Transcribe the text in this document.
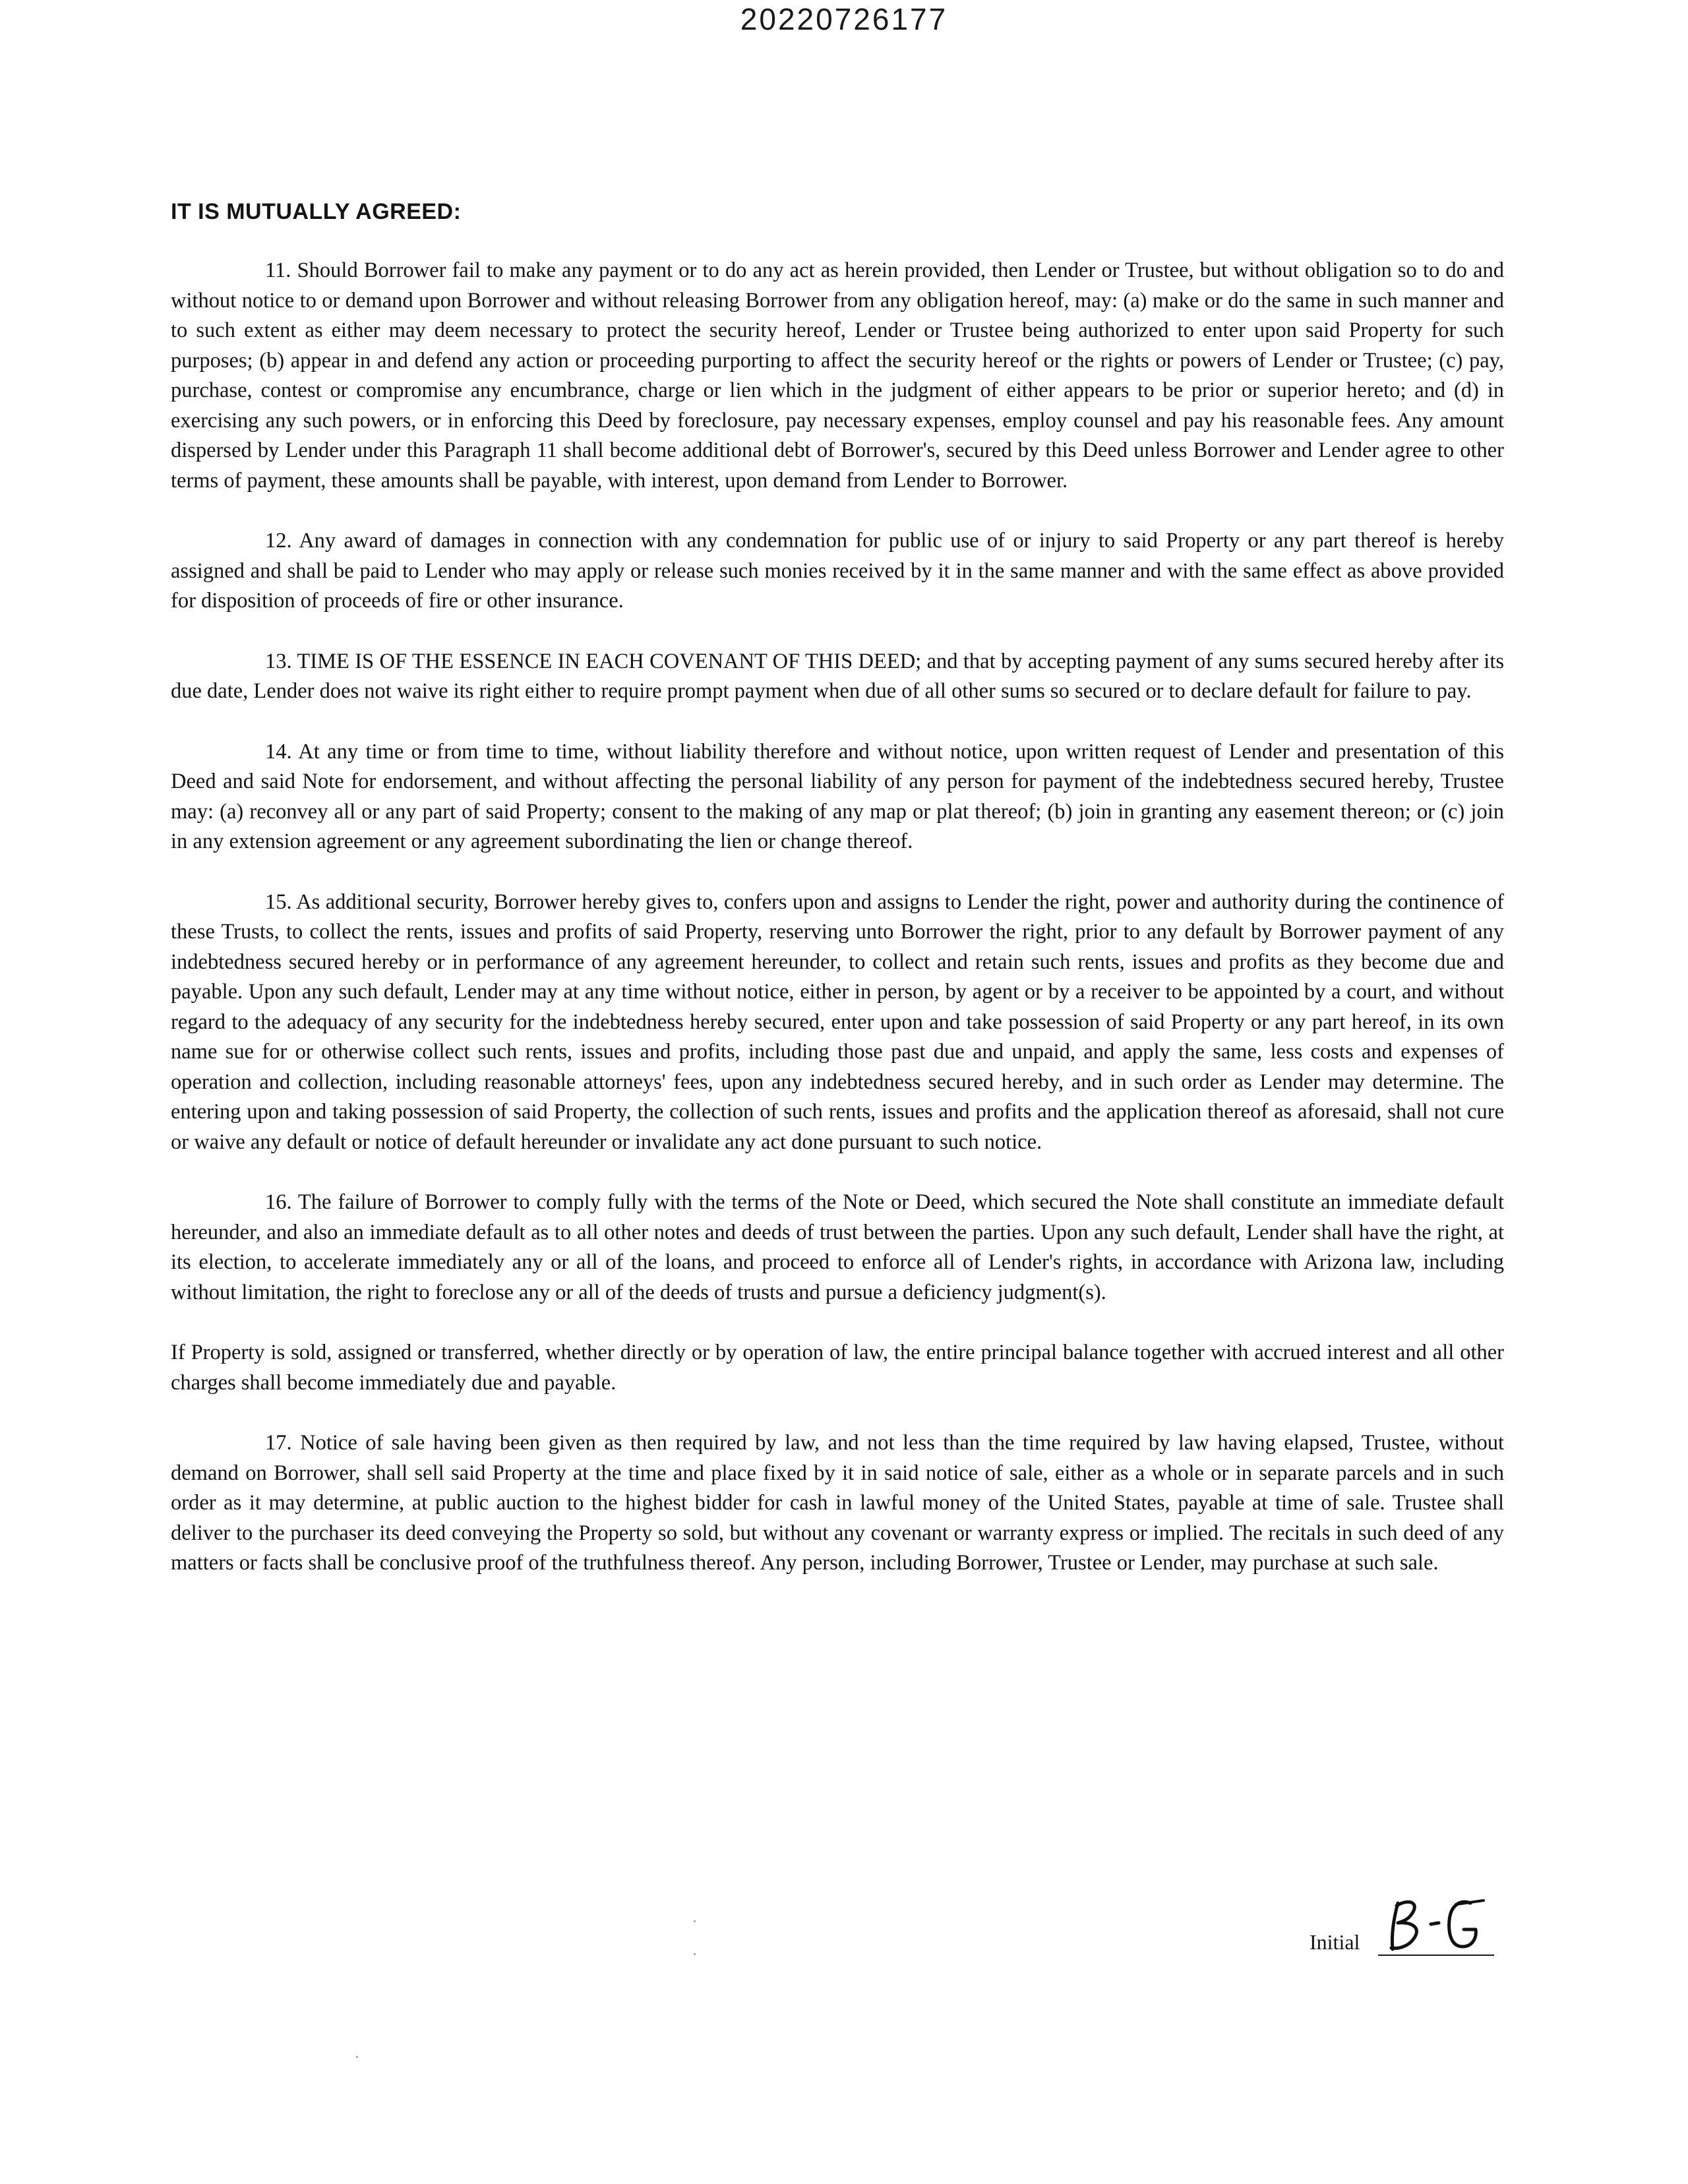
20220726177
IT IS MUTUALLY AGREED:

11. Should Borrower fail to make any payment or to do any act as herein provided, then Lender or Trustee, but without obligation so to do and without notice to or demand upon Borrower and without releasing Borrower from any obligation hereof, may: (a) make or do the same in such manner and to such extent as either may deem necessary to protect the security hereof, Lender or Trustee being authorized to enter upon said Property for such purposes; (b) appear in and defend any action or proceeding purporting to affect the security hereof or the rights or powers of Lender or Trustee; (c) pay, purchase, contest or compromise any encumbrance, charge or lien which in the judgment of either appears to be prior or superior hereto; and (d) in exercising any such powers, or in enforcing this Deed by foreclosure, pay necessary expenses, employ counsel and pay his reasonable fees. Any amount dispersed by Lender under this Paragraph 11 shall become additional debt of Borrower's, secured by this Deed unless Borrower and Lender agree to other terms of payment, these amounts shall be payable, with interest, upon demand from Lender to Borrower.

12. Any award of damages in connection with any condemnation for public use of or injury to said Property or any part thereof is hereby assigned and shall be paid to Lender who may apply or release such monies received by it in the same manner and with the same effect as above provided for disposition of proceeds of fire or other insurance.

13. TIME IS OF THE ESSENCE IN EACH COVENANT OF THIS DEED; and that by accepting payment of any sums secured hereby after its due date, Lender does not waive its right either to require prompt payment when due of all other sums so secured or to declare default for failure to pay.

14. At any time or from time to time, without liability therefore and without notice, upon written request of Lender and presentation of this Deed and said Note for endorsement, and without affecting the personal liability of any person for payment of the indebtedness secured hereby, Trustee may: (a) reconvey all or any part of said Property; consent to the making of any map or plat thereof; (b) join in granting any easement thereon; or (c) join in any extension agreement or any agreement subordinating the lien or change thereof.

15. As additional security, Borrower hereby gives to, confers upon and assigns to Lender the right, power and authority during the continence of these Trusts, to collect the rents, issues and profits of said Property, reserving unto Borrower the right, prior to any default by Borrower payment of any indebtedness secured hereby or in performance of any agreement hereunder, to collect and retain such rents, issues and profits as they become due and payable. Upon any such default, Lender may at any time without notice, either in person, by agent or by a receiver to be appointed by a court, and without regard to the adequacy of any security for the indebtedness hereby secured, enter upon and take possession of said Property or any part hereof, in its own name sue for or otherwise collect such rents, issues and profits, including those past due and unpaid, and apply the same, less costs and expenses of operation and collection, including reasonable attorneys' fees, upon any indebtedness secured hereby, and in such order as Lender may determine. The entering upon and taking possession of said Property, the collection of such rents, issues and profits and the application thereof as aforesaid, shall not cure or waive any default or notice of default hereunder or invalidate any act done pursuant to such notice.

16. The failure of Borrower to comply fully with the terms of the Note or Deed, which secured the Note shall constitute an immediate default hereunder, and also an immediate default as to all other notes and deeds of trust between the parties. Upon any such default, Lender shall have the right, at its election, to accelerate immediately any or all of the loans, and proceed to enforce all of Lender's rights, in accordance with Arizona law, including without limitation, the right to foreclose any or all of the deeds of trusts and pursue a deficiency judgment(s).

If Property is sold, assigned or transferred, whether directly or by operation of law, the entire principal balance together with accrued interest and all other charges shall become immediately due and payable.

17. Notice of sale having been given as then required by law, and not less than the time required by law having elapsed, Trustee, without demand on Borrower, shall sell said Property at the time and place fixed by it in said notice of sale, either as a whole or in separate parcels and in such order as it may determine, at public auction to the highest bidder for cash in lawful money of the United States, payable at time of sale. Trustee shall deliver to the purchaser its deed conveying the Property so sold, but without any covenant or warranty express or implied. The recitals in such deed of any matters or facts shall be conclusive proof of the truthfulness thereof. Any person, including Borrower, Trustee or Lender, may purchase at such sale.

Initial
